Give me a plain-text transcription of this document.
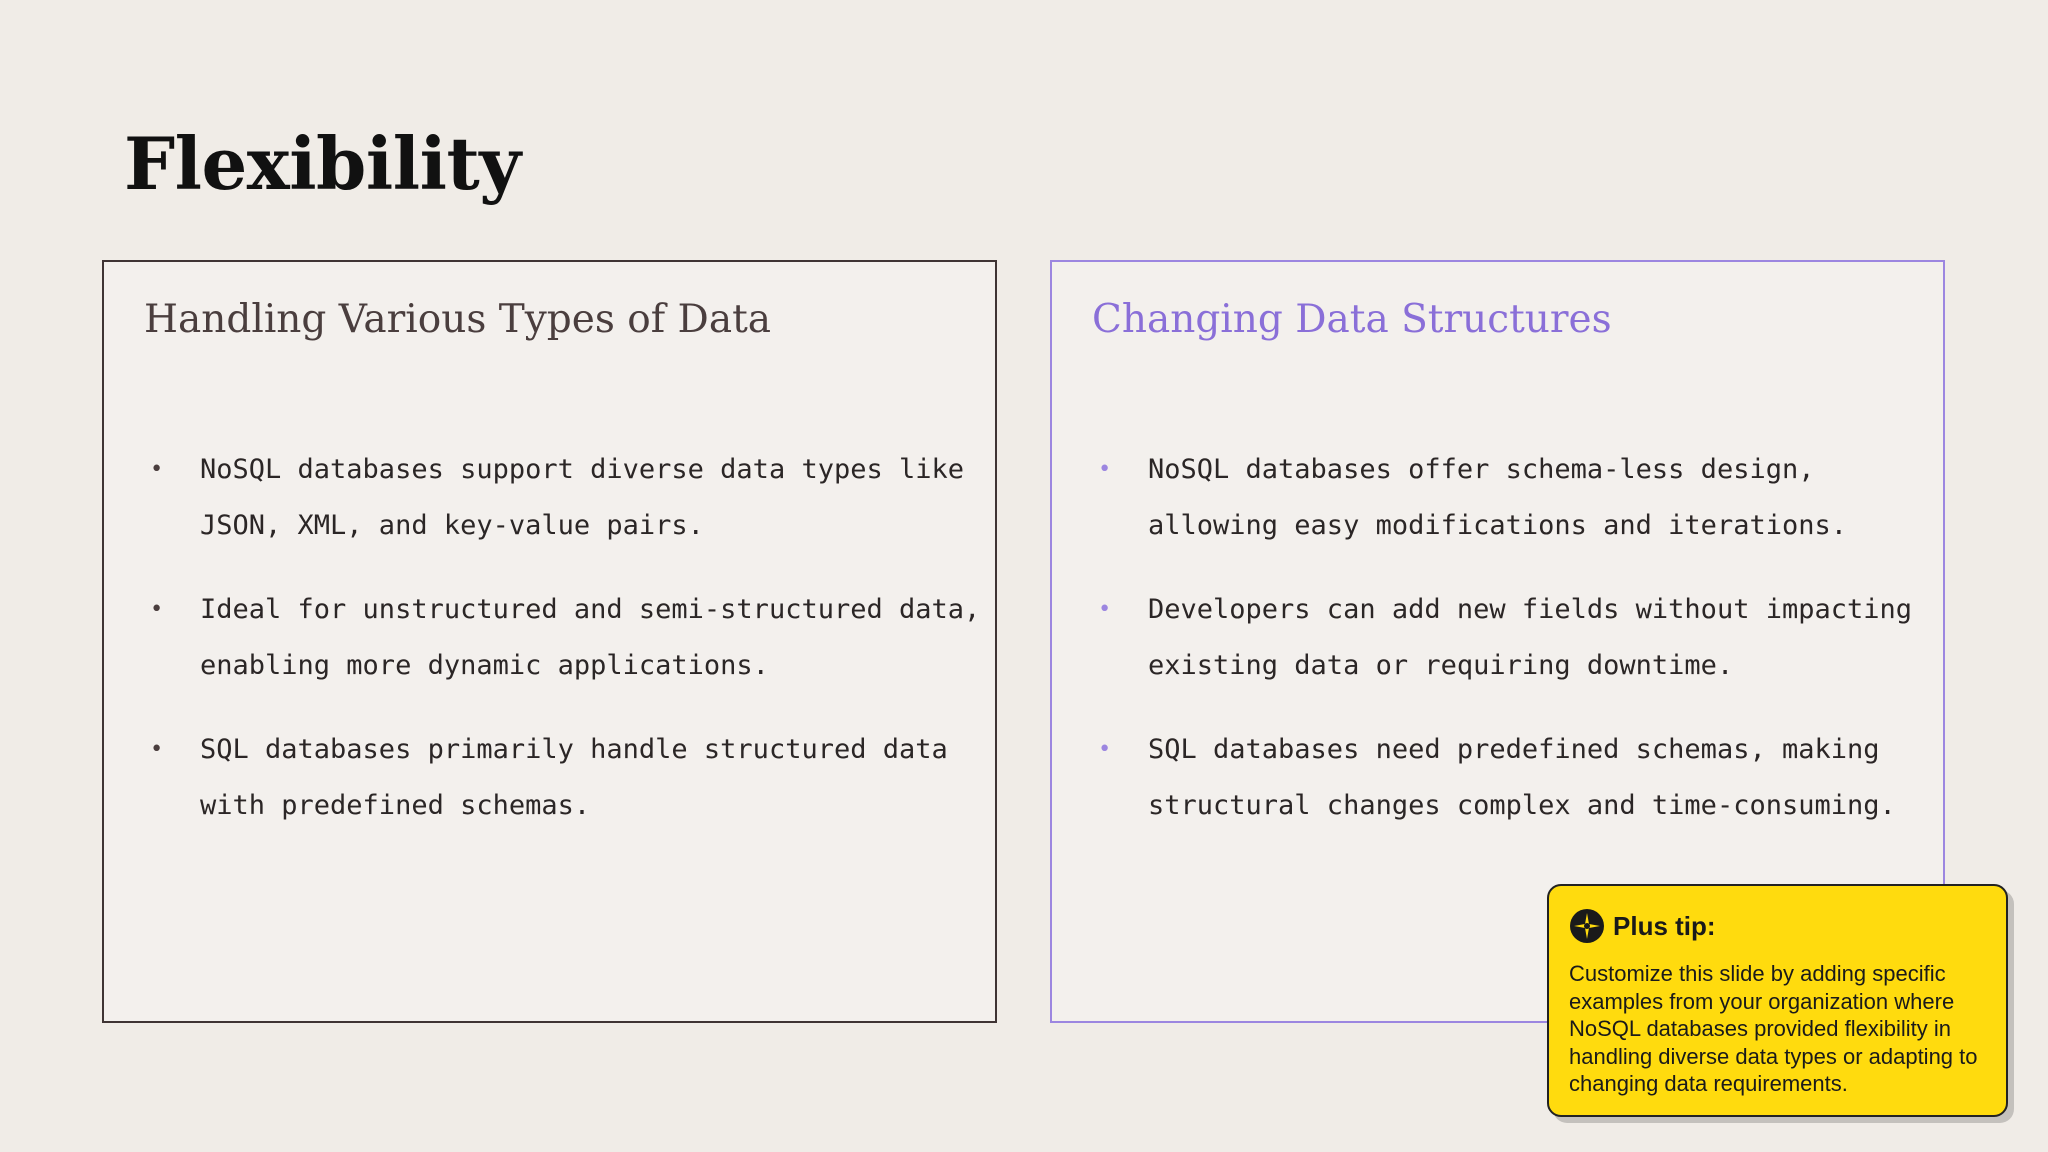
Flexibility
Handling Various Types of Data
• NoSQL databases support diverse data types like
JSON, XML, and key-value pairs.
• Ideal for unstructured and semi-structured data,
enabling more dynamic applications.
• SQL databases primarily handle structured data
with predefined schemas.
Changing Data Structures
• NoSQL databases offer schema-less design,
allowing easy modifications and iterations.
• Developers can add new fields without impacting
existing data or requiring downtime.
• SQL databases need predefined schemas, making
structural changes complex and time-consuming.
Plus tip:
Customize this slide by adding specific examples from your organization where NoSQL databases provided flexibility in handling diverse data types or adapting to changing data requirements.
